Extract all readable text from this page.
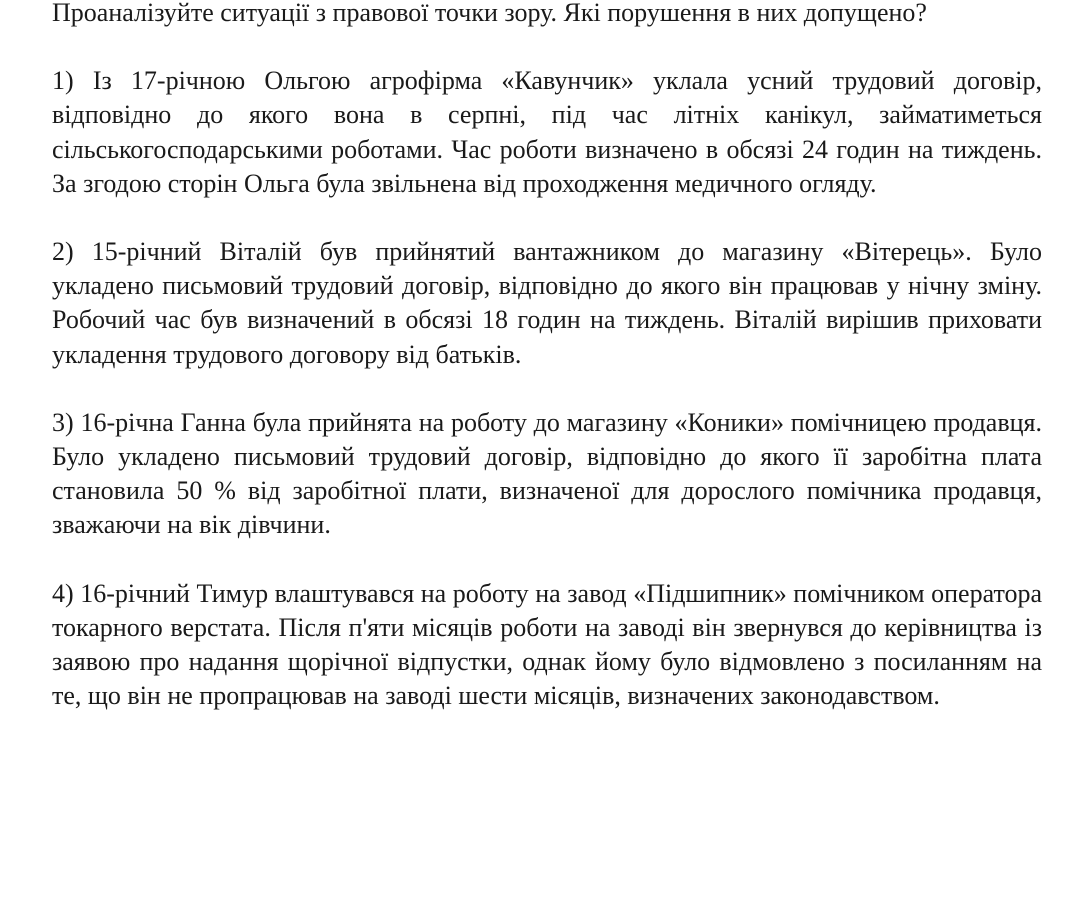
Проаналізуйте ситуації з правової точки зору. Які порушення в них допущено?

1) Із 17-річною Ольгою агрофірма «Кавунчик» уклала усний трудовий договір, відповідно до якого вона в серпні, під час літніх канікул, займатиметься сільськогосподарськими роботами. Час роботи визначено в обсязі 24 годин на тиждень. За згодою сторін Ольга була звільнена від проходження медичного огляду.

2) 15-річний Віталій був прийнятий вантажником до магазину «Вітерець». Було укладено письмовий трудовий договір, відповідно до якого він працював у нічну зміну. Робочий час був визначений в обсязі 18 годин на тиждень. Віталій вирішив приховати укладення трудового договору від батьків.

3) 16-річна Ганна була прийнята на роботу до магазину «Коники» помічницею продавця. Було укладено письмовий трудовий договір, відповідно до якого її заробітна плата становила 50 % від заробітної плати, визначеної для дорослого помічника продавця, зважаючи на вік дівчини.

4) 16-річний Тимур влаштувався на роботу на завод «Підшипник» помічником оператора токарного верстата. Після п'яти місяців роботи на заводі він звернувся до керівництва із заявою про надання щорічної відпустки, однак йому було відмовлено з посиланням на те, що він не пропрацював на заводі шести місяців, визначених законодавством.
